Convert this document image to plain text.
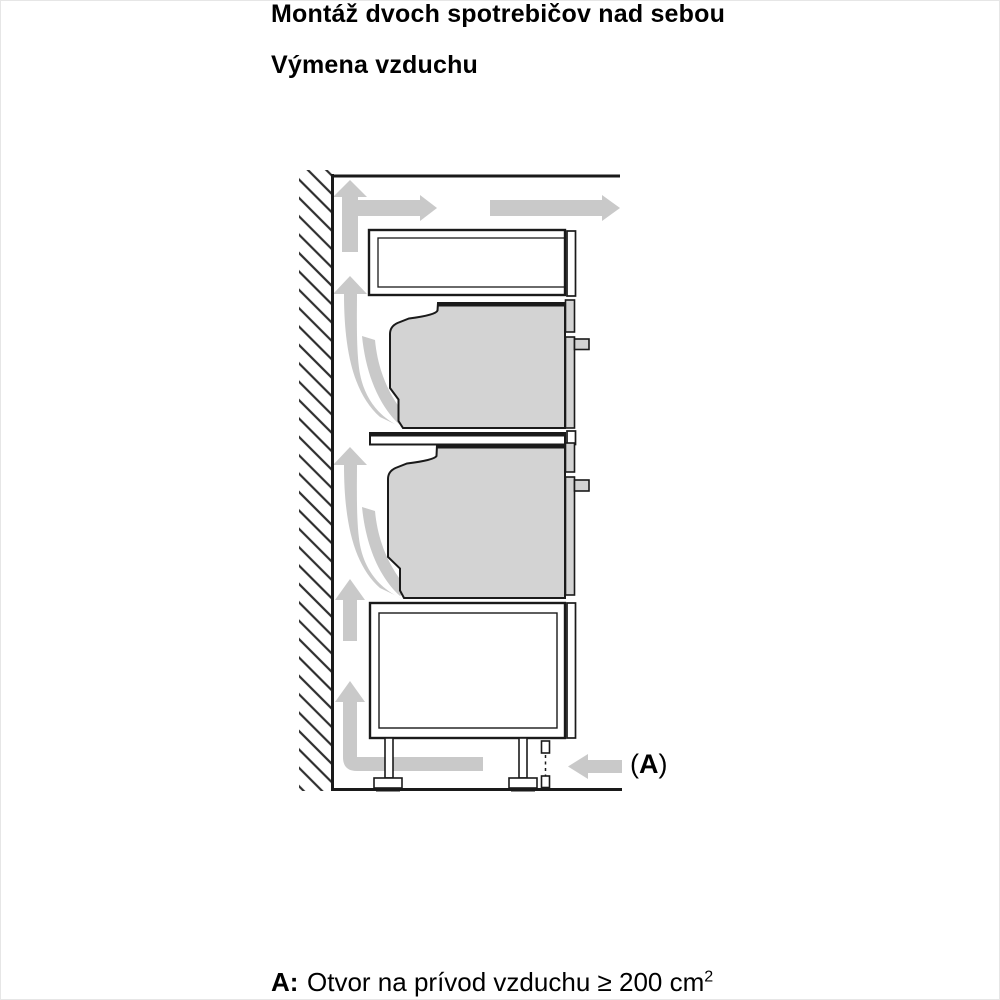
Montáž dvoch spotrebičov nad sebou
Výmena vzduchu
(A)
A: Otvor na prívod vzduchu ≥ 200 $cm^2$
